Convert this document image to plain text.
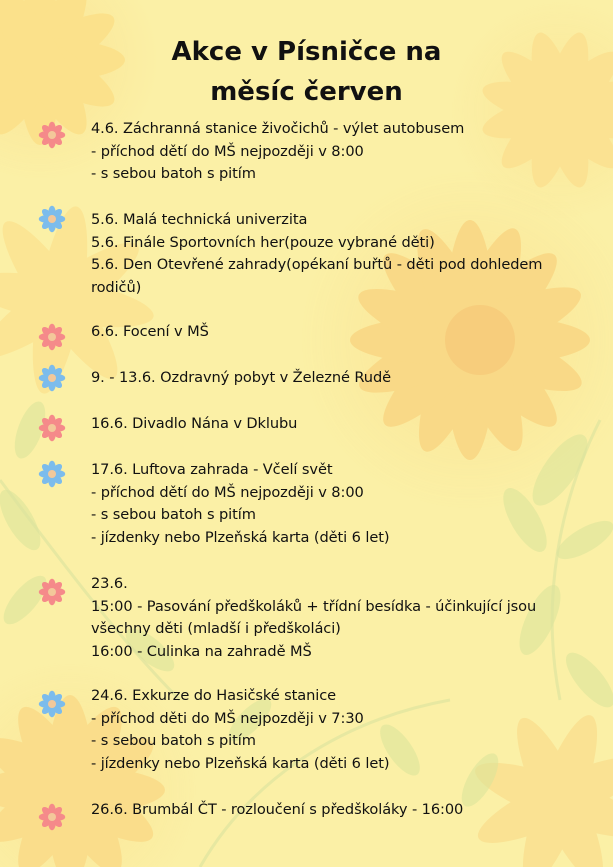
Akce v Písničce na
měsíc červen
4.6. Záchranná stanice živočichů - výlet autobusem
- příchod dětí do MŠ nejpozději v 8:00
- s sebou batoh s pitím
5.6. Malá technická univerzita
5.6. Finále Sportovních her(pouze vybrané děti)
5.6. Den Otevřené zahrady(opékaní buřtů - děti pod dohledem
rodičů)
6.6. Focení v MŠ
9. - 13.6. Ozdravný pobyt v Železné Rudě
16.6. Divadlo Nána v Dklubu
17.6. Luftova zahrada - Včelí svět
- příchod dětí do MŠ nejpozději v 8:00
- s sebou batoh s pitím
- jízdenky nebo Plzeňská karta (děti 6 let)
23.6.
15:00 - Pasování předškoláků + třídní besídka - účinkující jsou
všechny děti (mladší i předškoláci)
16:00 - Culinka na zahradě MŠ
24.6. Exkurze do Hasičské stanice
- příchod děti do MŠ nejpozději v 7:30
- s sebou batoh s pitím
- jízdenky nebo Plzeňská karta (děti 6 let)
26.6. Brumbál ČT - rozloučení s předškoláky - 16:00
